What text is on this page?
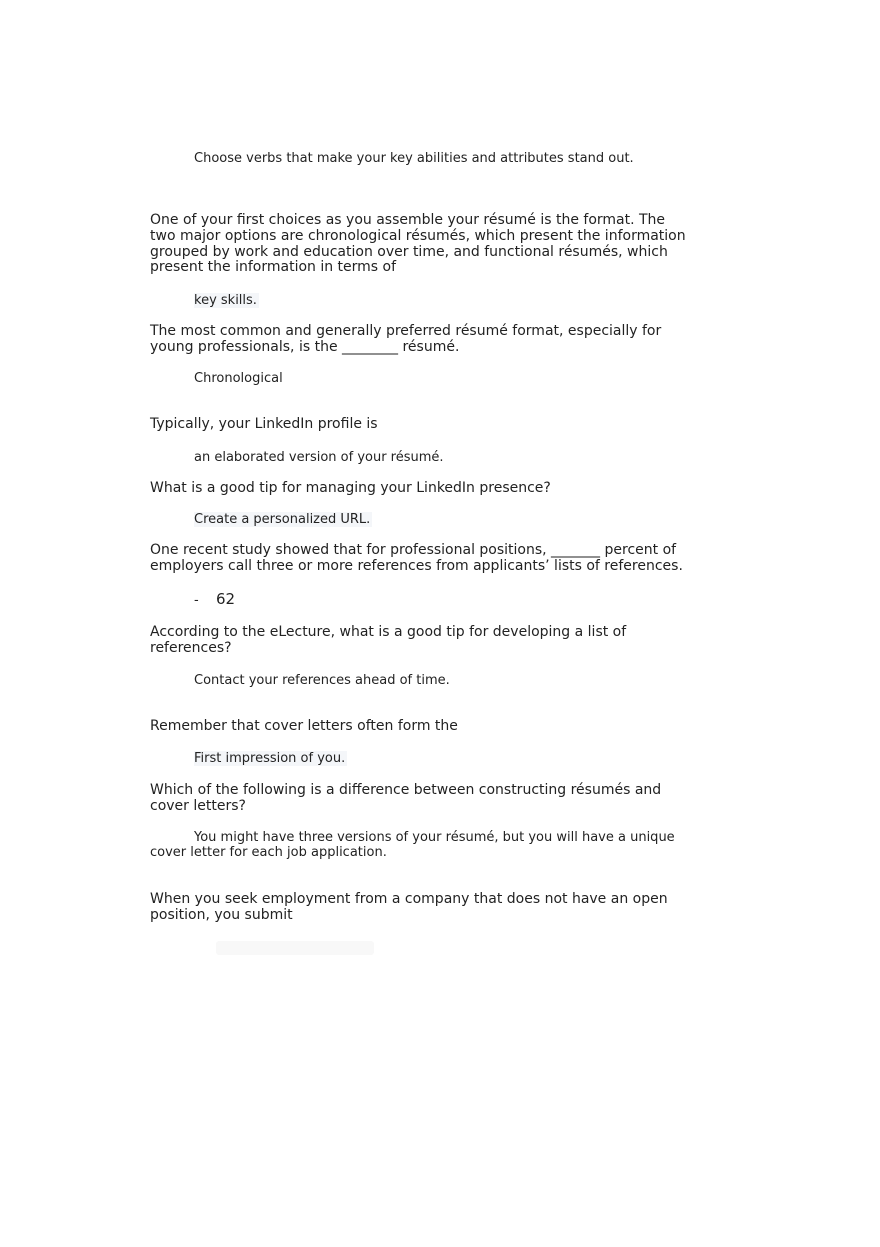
Choose verbs that make your key abilities and attributes stand out.

One of your first choices as you assemble your résumé is the format. The two major options are chronological résumés, which present the information grouped by work and education over time, and functional résumés, which present the information in terms of

key skills.

The most common and generally preferred résumé format, especially for young professionals, is the ________ résumé.

Chronological

Typically, your LinkedIn profile is

an elaborated version of your résumé.

What is a good tip for managing your LinkedIn presence?

Create a personalized URL.

One recent study showed that for professional positions, _______ percent of employers call three or more references from applicants’ lists of references.

- 62

According to the eLecture, what is a good tip for developing a list of references?

Contact your references ahead of time.

Remember that cover letters often form the

First impression of you.

Which of the following is a difference between constructing résumés and cover letters?

You might have three versions of your résumé, but you will have a unique cover letter for each job application.

When you seek employment from a company that does not have an open position, you submit
